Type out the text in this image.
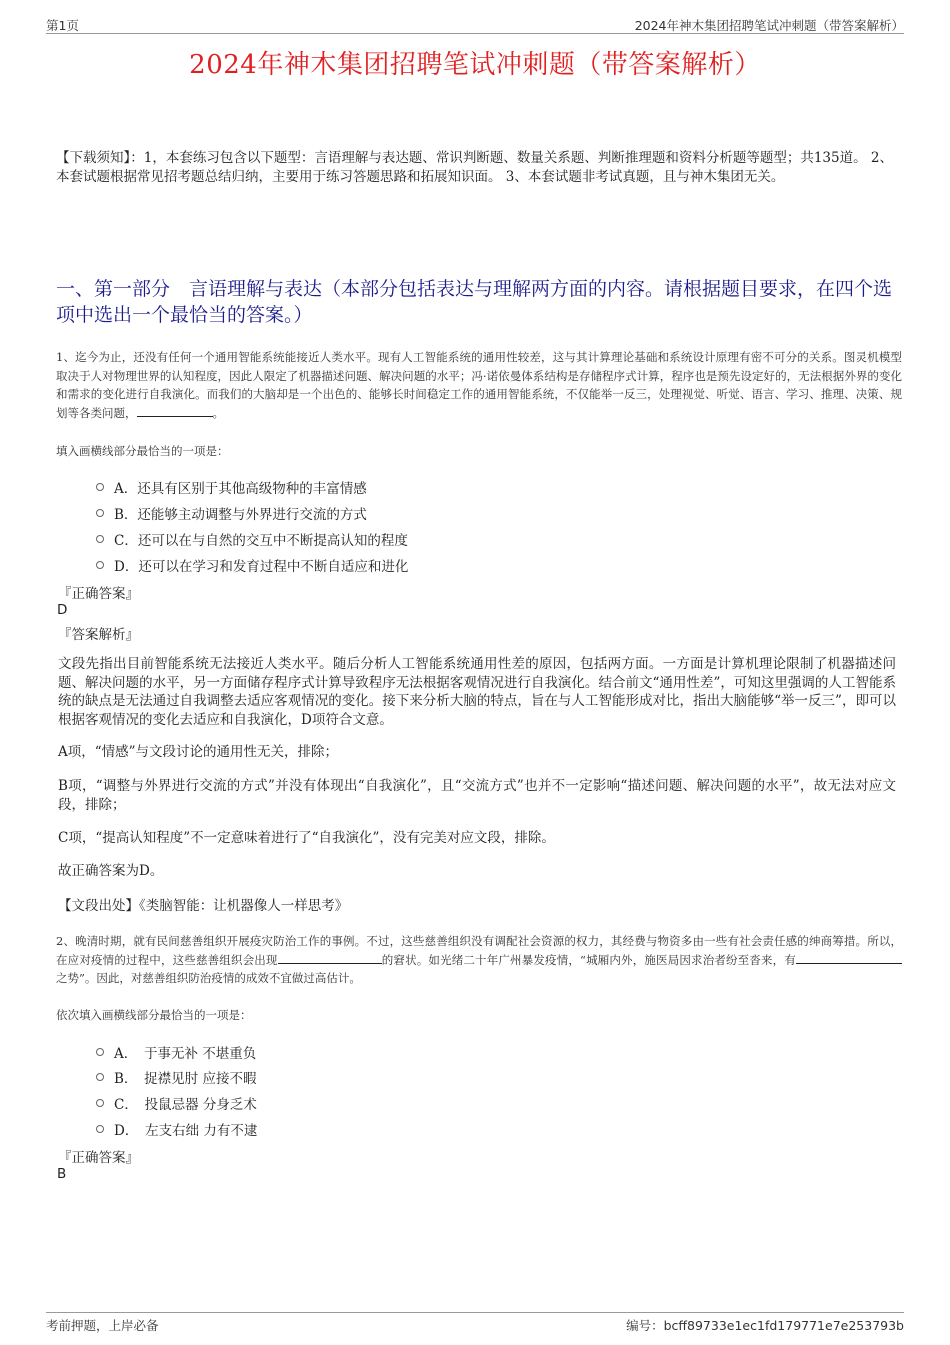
第1页	2024年神木集团招聘笔试冲刺题（带答案解析）
2024年神木集团招聘笔试冲刺题（带答案解析）
【下载须知】：1，本套练习包含以下题型：言语理解与表达题、常识判断题、数量关系题、判断推理题和资料分析题等题型；共135道。 2、本套试题根据常见招考题总结归纳，主要用于练习答题思路和拓展知识面。 3、本套试题非考试真题，且与神木集团无关。
一、第一部分　言语理解与表达（本部分包括表达与理解两方面的内容。请根据题目要求，在四个选项中选出一个最恰当的答案。）
1、迄今为止，还没有任何一个通用智能系统能接近人类水平。现有人工智能系统的通用性较差，这与其计算理论基础和系统设计原理有密不可分的关系。图灵机模型取决于人对物理世界的认知程度，因此人限定了机器描述问题、解决问题的水平；冯·诺依曼体系结构是存储程序式计算，程序也是预先设定好的，无法根据外界的变化和需求的变化进行自我演化。而我们的大脑却是一个出色的、能够长时间稳定工作的通用智能系统，不仅能举一反三，处理视觉、听觉、语言、学习、推理、决策、规划等各类问题，	。
填入画横线部分最恰当的一项是：
A．还具有区别于其他高级物种的丰富情感
B．还能够主动调整与外界进行交流的方式
C．还可以在与自然的交互中不断提高认知的程度
D．还可以在学习和发育过程中不断自适应和进化
『正确答案』
D
『答案解析』
文段先指出目前智能系统无法接近人类水平。随后分析人工智能系统通用性差的原因，包括两方面。一方面是计算机理论限制了机器描述问题、解决问题的水平，另一方面储存程序式计算导致程序无法根据客观情况进行自我演化。结合前文“通用性差”，可知这里强调的人工智能系统的缺点是无法通过自我调整去适应客观情况的变化。接下来分析大脑的特点，旨在与人工智能形成对比，指出大脑能够“举一反三”，即可以根据客观情况的变化去适应和自我演化，D项符合文意。
A项，“情感”与文段讨论的通用性无关，排除；
B项，“调整与外界进行交流的方式”并没有体现出“自我演化”，且“交流方式”也并不一定影响“描述问题、解决问题的水平”，故无法对应文段，排除；
C项，“提高认知程度”不一定意味着进行了“自我演化”，没有完美对应文段，排除。
故正确答案为D。
【文段出处】《类脑智能：让机器像人一样思考》
2、晚清时期，就有民间慈善组织开展疫灾防治工作的事例。不过，这些慈善组织没有调配社会资源的权力，其经费与物资多由一些有社会责任感的绅商筹措。所以，在应对疫情的过程中，这些慈善组织会出现	的窘状。如光绪二十年广州暴发疫情，“城厢内外，施医局因求治者纷至沓来，有之势”。因此，对慈善组织防治疫情的成效不宜做过高估计。
依次填入画横线部分最恰当的一项是：
A．　于事无补 不堪重负
B．　捉襟见肘 应接不暇
C．　投鼠忌器 分身乏术
D．　左支右绌 力有不逮
『正确答案』
B
考前押题，上岸必备	编号：bcff89733e1ec1fd179771e7e253793b
